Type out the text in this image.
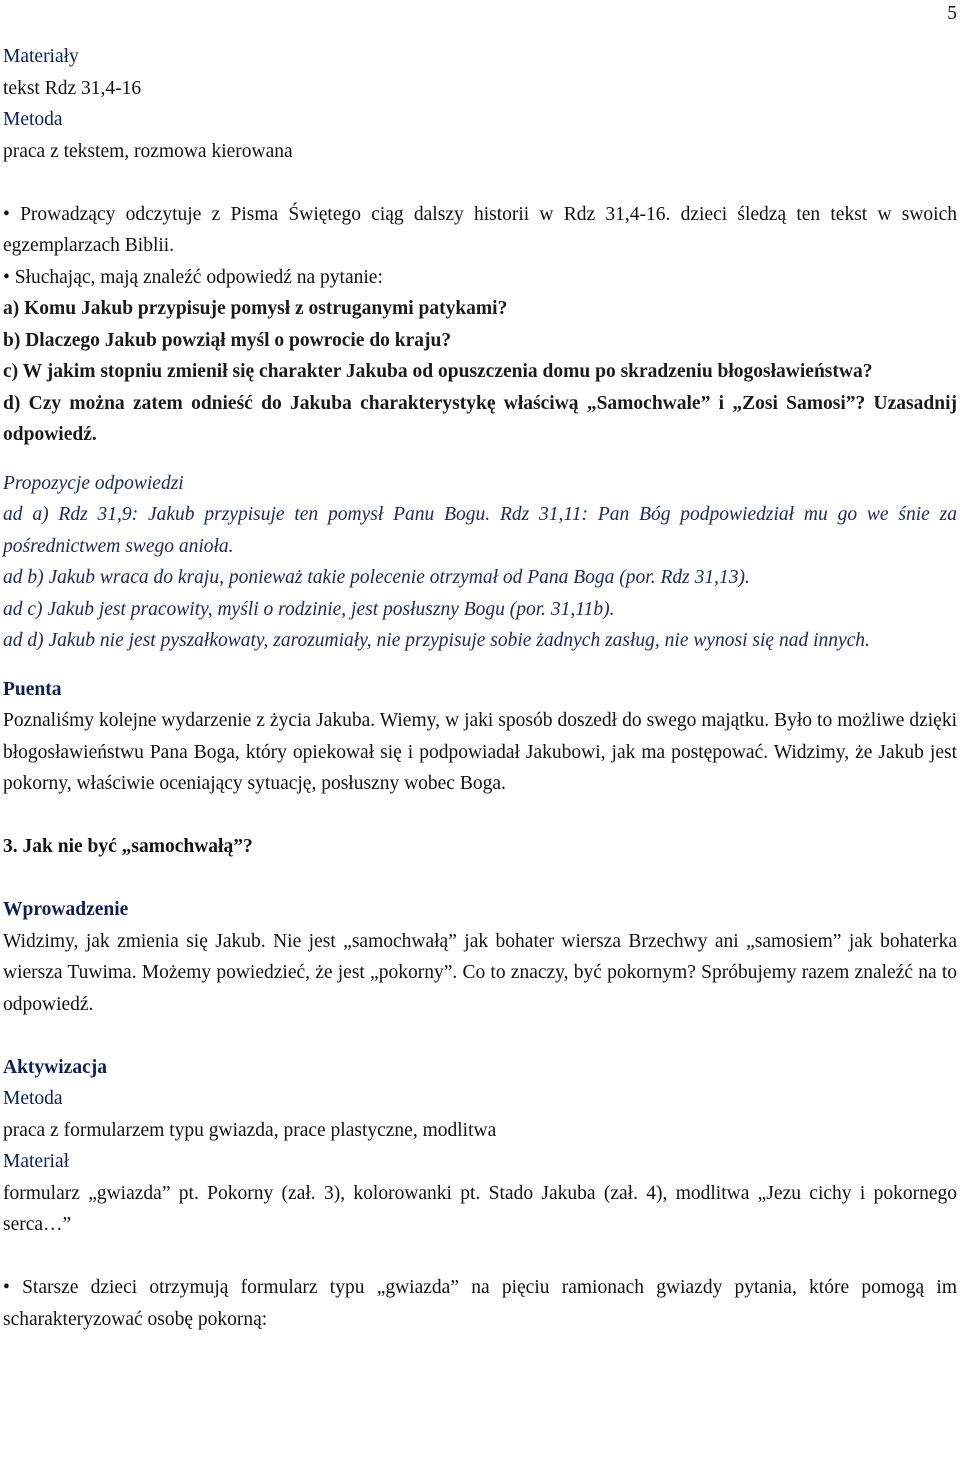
5
Materiały
tekst Rdz 31,4-16
Metoda
praca z tekstem, rozmowa kierowana
• Prowadzący odczytuje z Pisma Świętego ciąg dalszy historii w Rdz 31,4-16. dzieci śledzą ten tekst w swoich egzemplarzach Biblii.
• Słuchając, mają znaleźć odpowiedź na pytanie:
a) Komu Jakub przypisuje pomysł z ostruganymi patykami?
b) Dlaczego Jakub powziął myśl o powrocie do kraju?
c) W jakim stopniu zmienił się charakter Jakuba od opuszczenia domu po skradzeniu błogosławieństwa?
d) Czy można zatem odnieść do Jakuba charakterystykę właściwą „Samochwale” i „Zosi Samosi”? Uzasadnij odpowiedź.
Propozycje odpowiedzi
ad a) Rdz 31,9: Jakub przypisuje ten pomysł Panu Bogu. Rdz 31,11: Pan Bóg podpowiedział mu go we śnie za pośrednictwem swego anioła.
ad b) Jakub wraca do kraju, ponieważ takie polecenie otrzymał od Pana Boga (por. Rdz 31,13).
ad c) Jakub jest pracowity, myśli o rodzinie, jest posłuszny Bogu (por. 31,11b).
ad d) Jakub nie jest pyszałkowaty, zarozumiały, nie przypisuje sobie żadnych zasług, nie wynosi się nad innych.
Puenta
Poznaliśmy kolejne wydarzenie z życia Jakuba. Wiemy, w jaki sposób doszedł do swego majątku. Było to możliwe dzięki błogosławieństwu Pana Boga, który opiekował się i podpowiadał Jakubowi, jak ma postępować. Widzimy, że Jakub jest pokorny, właściwie oceniający sytuację, posłuszny wobec Boga.
3. Jak nie być „samochwałą”?
Wprowadzenie
Widzimy, jak zmienia się Jakub. Nie jest „samochwałą” jak bohater wiersza Brzechwy ani „samosiem” jak bohaterka wiersza Tuwima. Możemy powiedzieć, że jest „pokorny”. Co to znaczy, być pokornym? Spróbujemy razem znaleźć na to odpowiedź.
Aktywizacja
Metoda
praca z formularzem typu gwiazda, prace plastyczne, modlitwa
Materiał
formularz „gwiazda” pt. Pokorny (zał. 3), kolorowanki pt. Stado Jakuba (zał. 4), modlitwa „Jezu cichy i pokornego serca…”
• Starsze dzieci otrzymują formularz typu „gwiazda” na pięciu ramionach gwiazdy pytania, które pomogą im scharakteryzować osobę pokorną:
